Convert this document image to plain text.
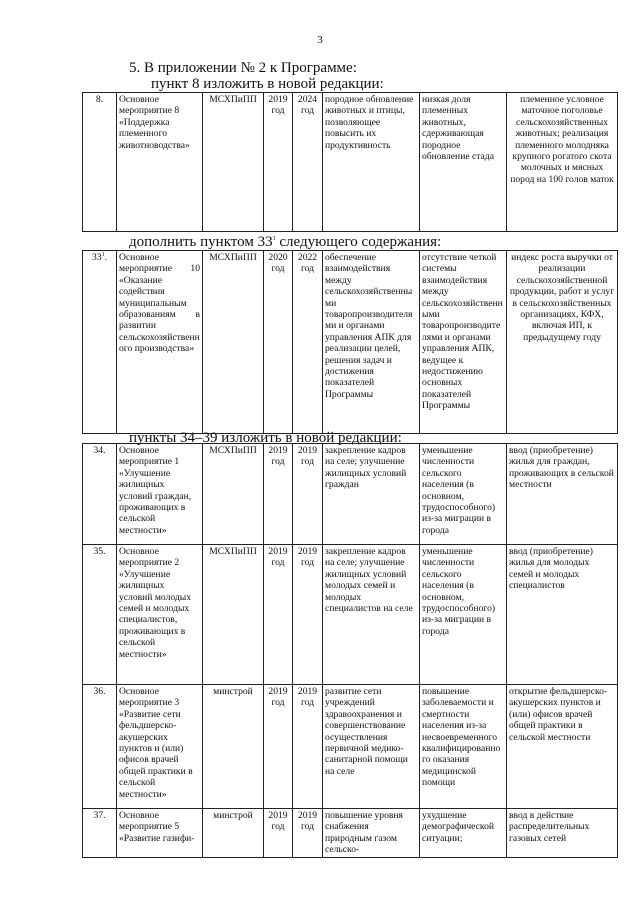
3
5. В приложении № 2 к Программе:
пункт 8 изложить в новой редакции:
8.	Основное мероприятие 8 «Поддержка племенного животноводства»	МСХПиПП	2019 год	2024 год	породное обновление животных и птицы, позволяющее повысить их продуктивность	низкая доля племенных животных, сдерживающая породное обновление стада	племенное условное маточное поголовье сельскохозяйственных животных; реализация племенного молодняка крупного рогатого скота молочных и мясных пород на 100 голов маток
дополнить пунктом $33^1$ следующего содержания:
$33^1$.	Основное мероприятие 10 «Оказание содействия муниципальным образованиям в развитии сельскохозяйственного производства»	МСХПиПП	2020 год	2022 год	обеспечение взаимодействия между сельскохозяйственными товаропроизводителями и органами управления АПК для реализации целей, решения задач и достижения показателей Программы	отсутствие четкой системы взаимодействия между сельскохозяйственными товаропроизводителями и органами управления АПК, ведущее к недостижению основных показателей Программы	индекс роста выручки от реализации сельскохозяйственной продукции, работ и услуг в сельскохозяйственных организациях, КФХ, включая ИП, к предыдущему году
пункты 34–39 изложить в новой редакции:
34.	Основное мероприятие 1 «Улучшение жилищных условий граждан, проживающих в сельской местности»	МСХПиПП	2019 год	2019 год	закрепление кадров на селе; улучшение жилищных условий граждан	уменьшение численности сельского населения (в основном, трудоспособного) из-за миграции в города	ввод (приобретение) жилья для граждан, проживающих в сельской местности
35.	Основное мероприятие 2 «Улучшение жилищных условий молодых семей и молодых специалистов, проживающих в сельской местности»	МСХПиПП	2019 год	2019 год	закрепление кадров на селе; улучшение жилищных условий молодых семей и молодых специалистов на селе	уменьшение численности сельского населения (в основном, трудоспособного) из-за миграции в города	ввод (приобретение) жилья для молодых семей и молодых специалистов
36.	Основное мероприятие 3 «Развитие сети фельдшерско-акушерских пунктов и (или) офисов врачей общей практики в сельской местности»	минстрой	2019 год	2019 год	развитие сети учреждений здравоохранения и совершенствование осуществления первичной медико-санитарной помощи на селе	повышение заболеваемости и смертности населения из-за несвоевременного квалифицированного оказания медицинской помощи	открытие фельдшерско-акушерских пунктов и (или) офисов врачей общей практики в сельской местности
37.	Основное мероприятие 5 «Развитие газифи-	минстрой	2019 год	2019 год	повышение уровня снабжения природным газом сельско-	ухудшение демографической ситуации;	ввод в действие распределительных газовых сетей
